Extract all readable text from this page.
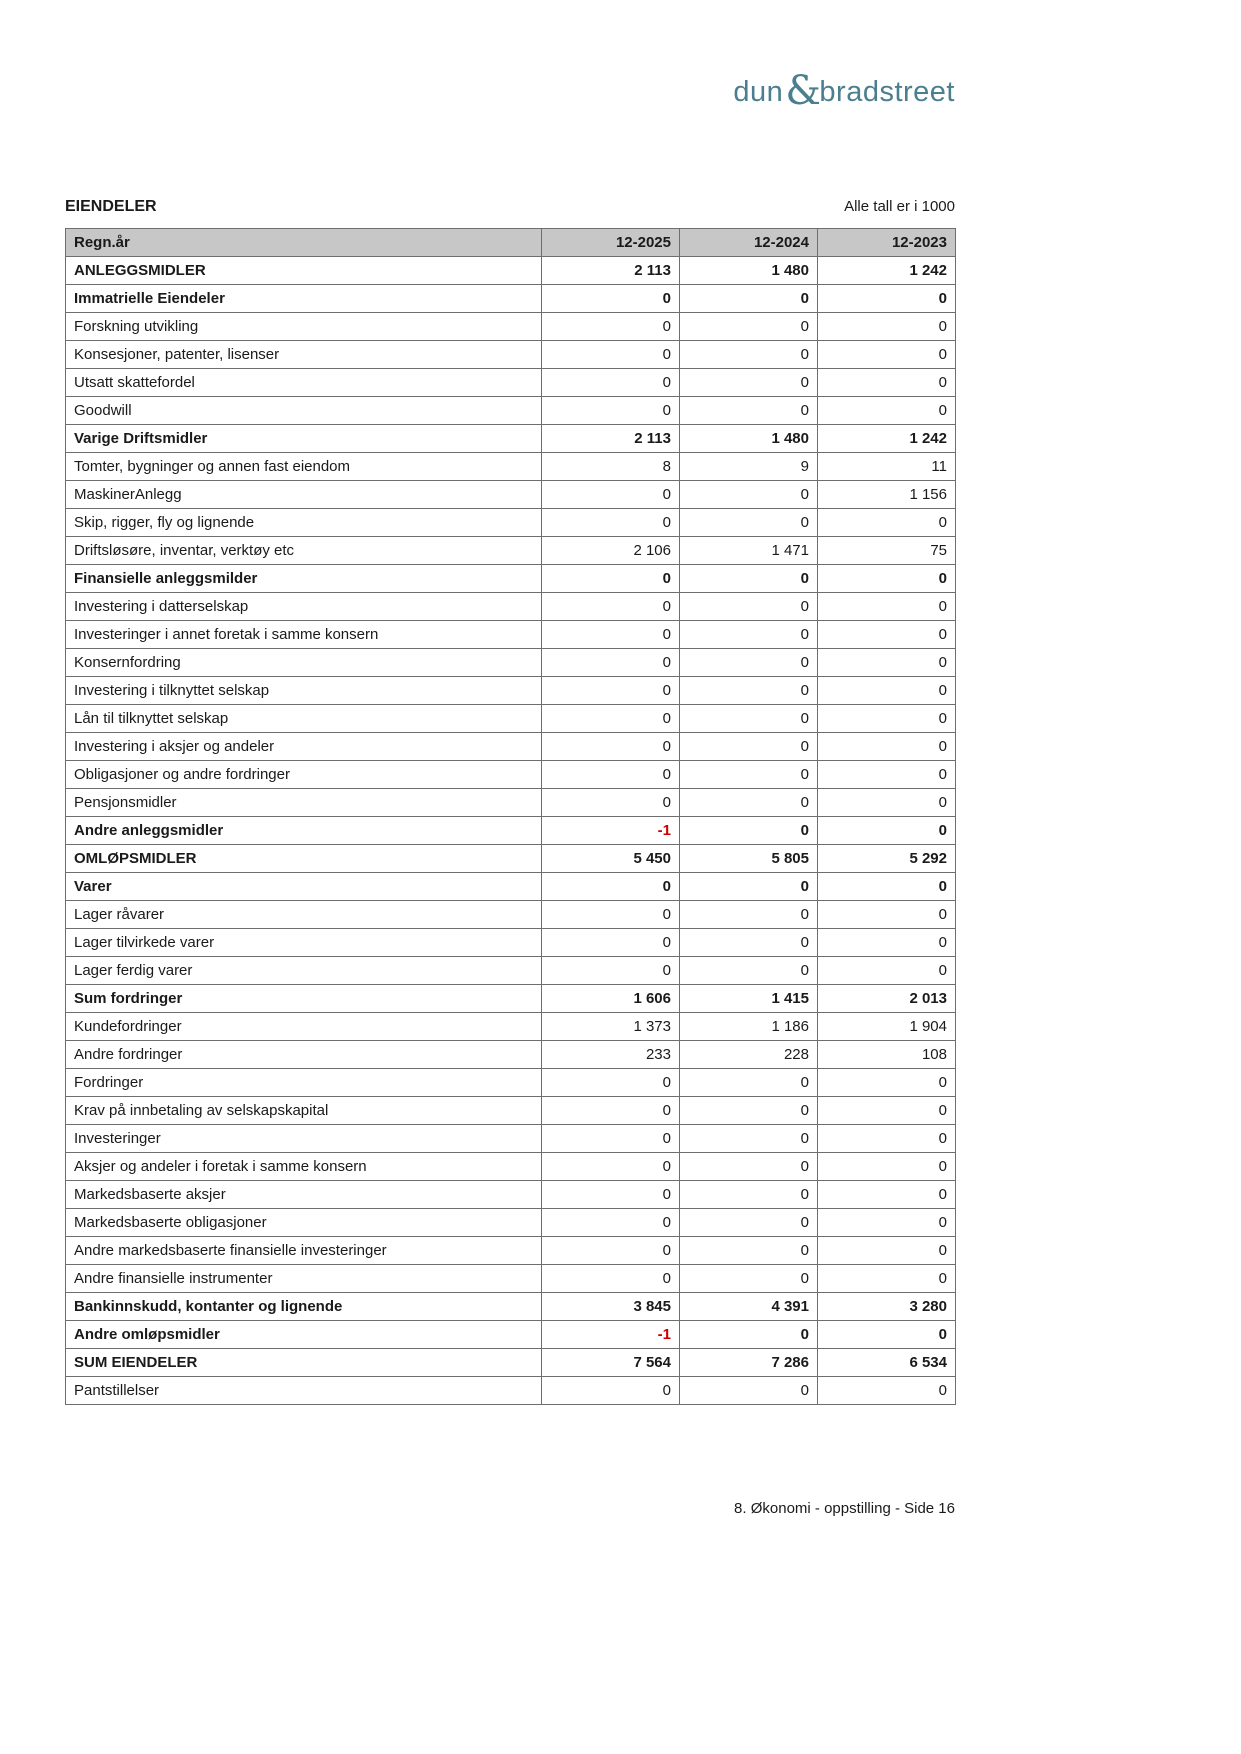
dun &
bradstreet
EIENDELER	Alle tall er i 1000
Regn.år	12-2025	12-2024	12-2023
ANLEGGSMIDLER	2 113	1 480	1 242
Immatrielle Eiendeler	0	0	0
Forskning utvikling	0	0	0
Konsesjoner, patenter, lisenser	0	0	0
Utsatt skattefordel	0	0	0
Goodwill	0	0	0
Varige Driftsmidler	2 113	1 480	1 242
Tomter, bygninger og annen fast eiendom	8	9	11
MaskinerAnlegg	0	0	1 156
Skip, rigger, fly og lignende	0	0	0
Driftsløsøre, inventar, verktøy etc	2 106	1 471	75
Finansielle anleggsmilder	0	0	0
Investering i datterselskap	0	0	0
Investeringer i annet foretak i samme konsern	0	0	0
Konsernfordring	0	0	0
Investering i tilknyttet selskap	0	0	0
Lån til tilknyttet selskap	0	0	0
Investering i aksjer og andeler	0	0	0
Obligasjoner og andre fordringer	0	0	0
Pensjonsmidler	0	0	0
Andre anleggsmidler	-1	0	0
OMLØPSMIDLER	5 450	5 805	5 292
Varer	0	0	0
Lager råvarer	0	0	0
Lager tilvirkede varer	0	0	0
Lager ferdig varer	0	0	0
Sum fordringer	1 606	1 415	2 013
Kundefordringer	1 373	1 186	1 904
Andre fordringer	233	228	108
Fordringer	0	0	0
Krav på innbetaling av selskapskapital	0	0	0
Investeringer	0	0	0
Aksjer og andeler i foretak i samme konsern	0	0	0
Markedsbaserte aksjer	0	0	0
Markedsbaserte obligasjoner	0	0	0
Andre markedsbaserte finansielle investeringer	0	0	0
Andre finansielle instrumenter	0	0	0
Bankinnskudd, kontanter og lignende	3 845	4 391	3 280
Andre omløpsmidler	-1	0	0
SUM EIENDELER	7 564	7 286	6 534
Pantstillelser	0	0	0
8. Økonomi - oppstilling - Side 16
